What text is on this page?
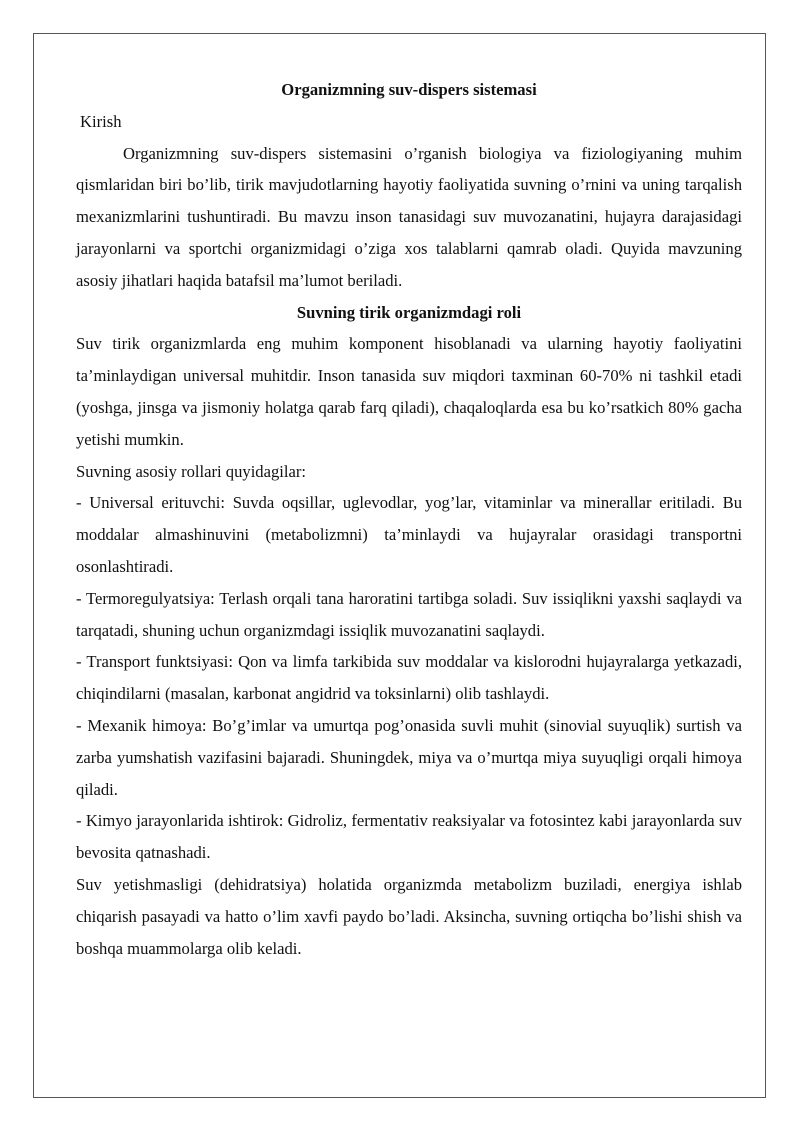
Organizmning suv-dispers sistemasi

Kirish

Organizmning suv-dispers sistemasini o’rganish biologiya va fiziologiyaning muhim qismlaridan biri bo’lib, tirik mavjudotlarning hayotiy faoliyatida suvning o’rnini va uning tarqalish mexanizmlarini tushuntiradi. Bu mavzu inson tanasidagi suv muvozanatini, hujayra darajasidagi jarayonlarni va sportchi organizmidagi o’ziga xos talablarni qamrab oladi. Quyida mavzuning asosiy jihatlari haqida batafsil ma’lumot beriladi.

Suvning tirik organizmdagi roli

Suv tirik organizmlarda eng muhim komponent hisoblanadi va ularning hayotiy faoliyatini ta’minlaydigan universal muhitdir. Inson tanasida suv miqdori taxminan 60-70% ni tashkil etadi (yoshga, jinsga va jismoniy holatga qarab farq qiladi), chaqaloqlarda esa bu ko’rsatkich 80% gacha yetishi mumkin.

Suvning asosiy rollari quyidagilar:

- Universal erituvchi: Suvda oqsillar, uglevodlar, yog’lar, vitaminlar va minerallar eritiladi. Bu moddalar almashinuvini (metabolizmni) ta’minlaydi va hujayralar orasidagi transportni osonlashtiradi.

- Termoregulyatsiya: Terlash orqali tana haroratini tartibga soladi. Suv issiqlikni yaxshi saqlaydi va tarqatadi, shuning uchun organizmdagi issiqlik muvozanatini saqlaydi.

- Transport funktsiyasi: Qon va limfa tarkibida suv moddalar va kislorodni hujayralarga yetkazadi, chiqindilarni (masalan, karbonat angidrid va toksinlarni) olib tashlaydi.

- Mexanik himoya: Bo’g’imlar va umurtqa pog’onasida suvli muhit (sinovial suyuqlik) surtish va zarba yumshatish vazifasini bajaradi. Shuningdek, miya va o’murtqa miya suyuqligi orqali himoya qiladi.

- Kimyo jarayonlarida ishtirok: Gidroliz, fermentativ reaksiyalar va fotosintez kabi jarayonlarda suv bevosita qatnashadi.

Suv yetishmasligi (dehidratsiya) holatida organizmda metabolizm buziladi, energiya ishlab chiqarish pasayadi va hatto o’lim xavfi paydo bo’ladi. Aksincha, suvning ortiqcha bo’lishi shish va boshqa muammolarga olib keladi.
